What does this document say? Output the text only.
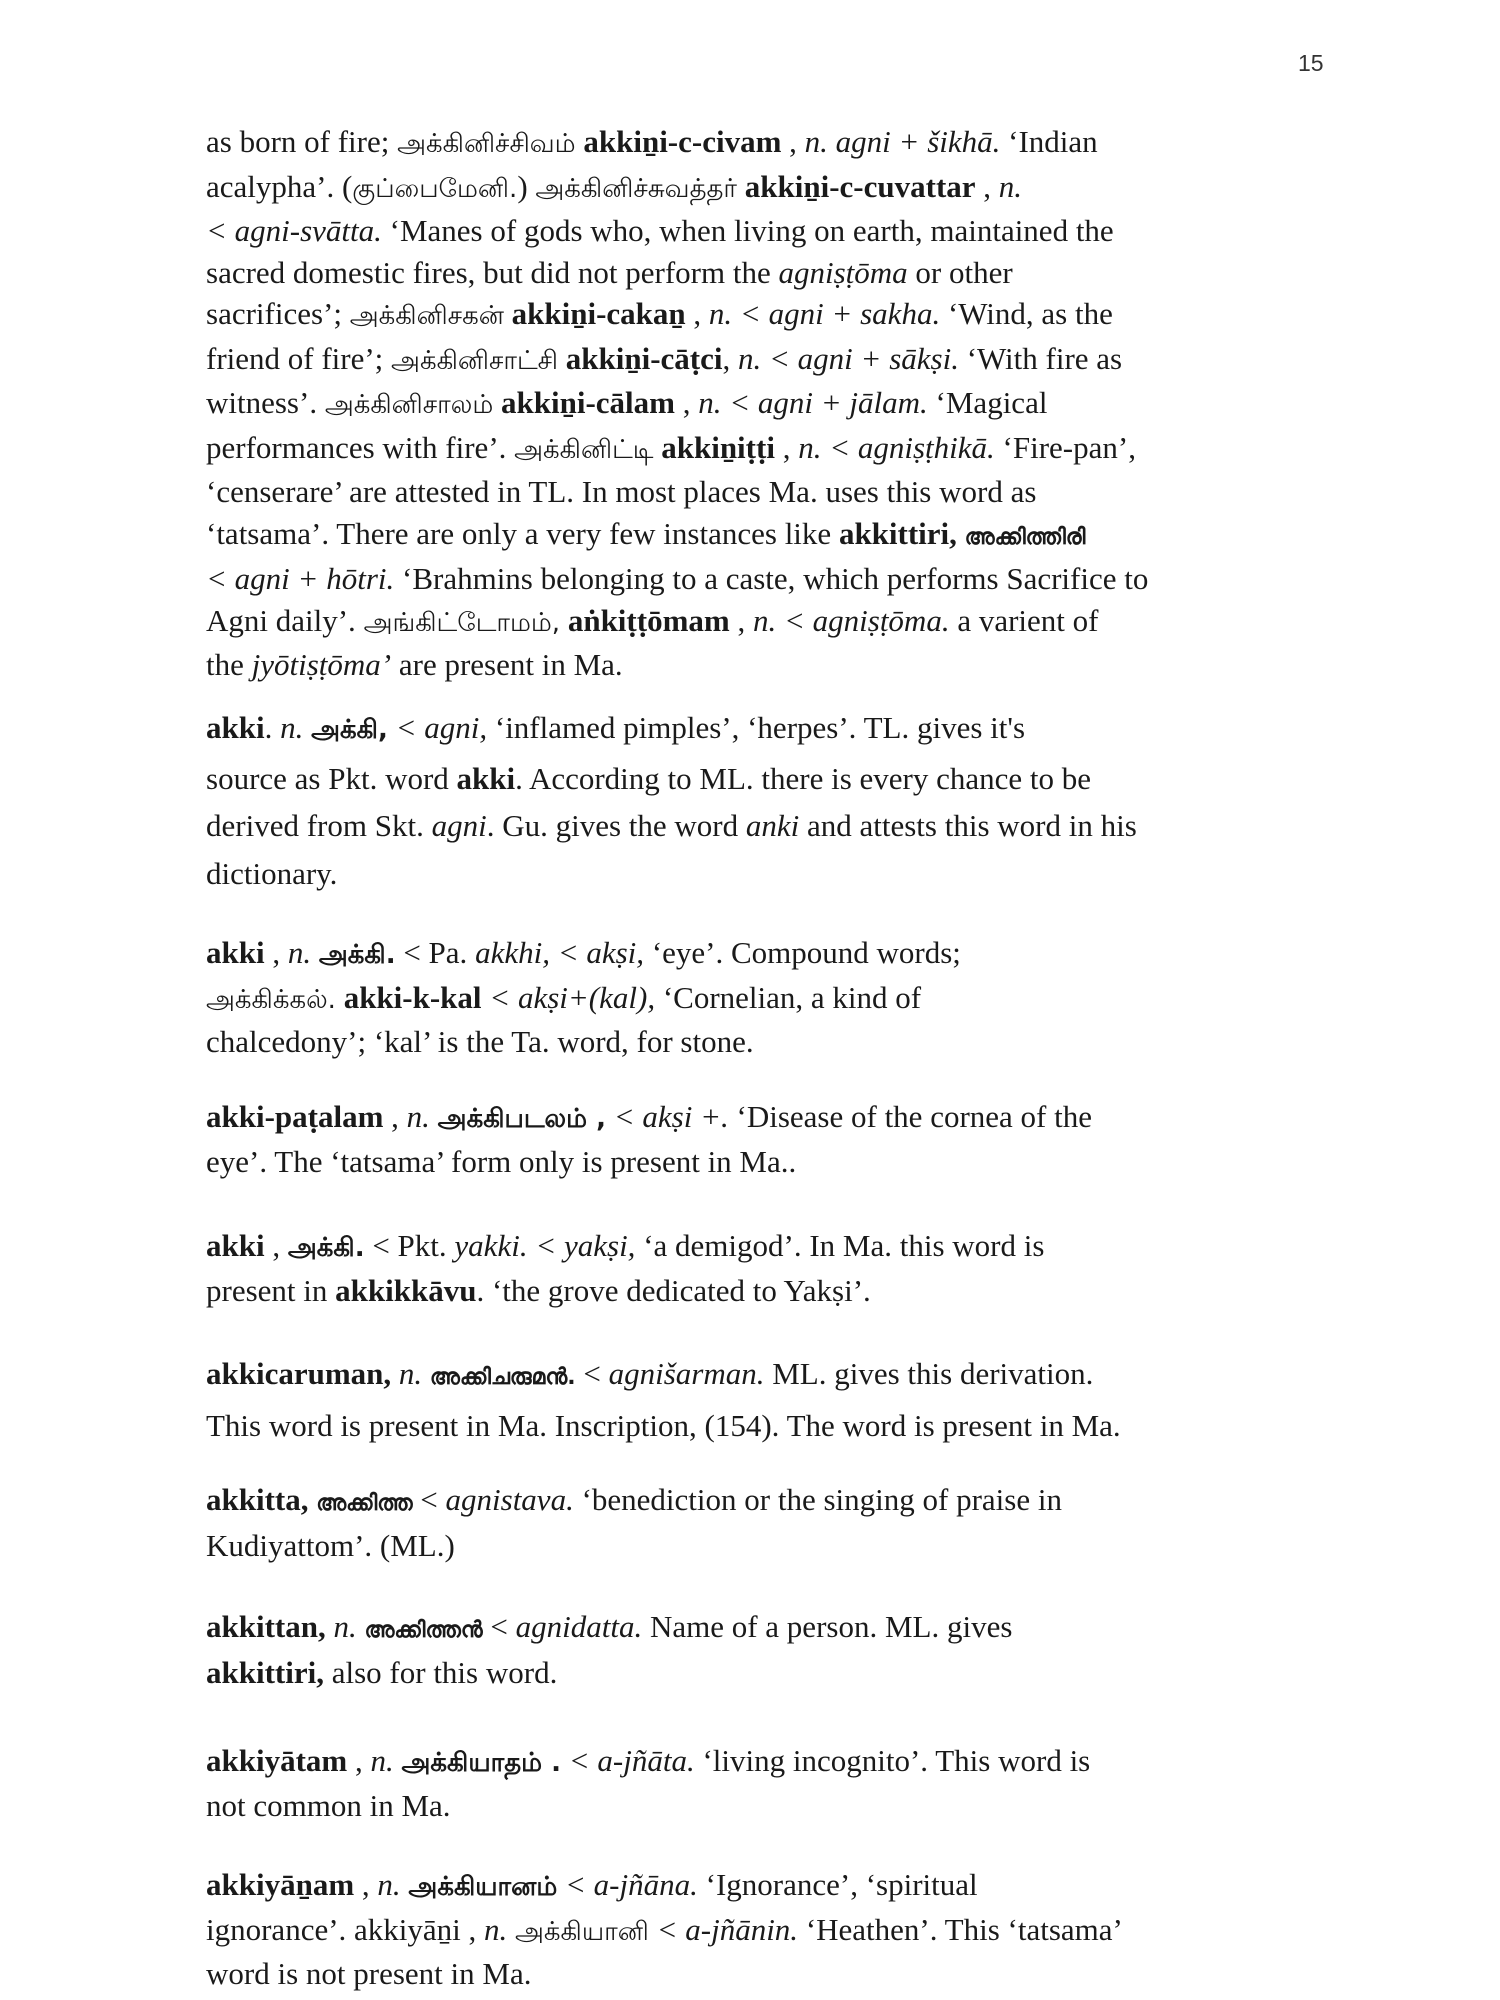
15
as born of fire; அக்கினிச்சிவம் akkiṉi-c-civam , n. agni + šikhā. ‘Indian
acalypha’. (குப்பைமேனி.) அக்கினிச்சுவத்தர் akkiṉi-c-cuvattar , n.
< agni-svātta. ‘Manes of gods who, when living on earth, maintained the
sacred domestic fires, but did not perform the agniṣṭōma or other
sacrifices’; அக்கினிசகன் akkiṉi-cakaṉ , n. < agni + sakha. ‘Wind, as the
friend of fire’; அக்கினிசாட்சி akkiṉi-cāṭci, n. < agni + sākṣi. ‘With fire as
witness’. அக்கினிசாலம் akkiṉi-cālam , n. < agni + jālam. ‘Magical
performances with fire’. அக்கினிட்டி akkiṉiṭṭi , n. < agniṣṭhikā. ‘Fire-pan’,
‘censerare’ are attested in TL. In most places Ma. uses this word as
‘tatsama’. There are only a very few instances like akkittiri, അക്കിത്തിരി
< agni + hōtri. ‘Brahmins belonging to a caste, which performs Sacrifice to
Agni daily’. அங்கிட்டோமம், aṅkiṭṭōmam , n. < agniṣṭōma. a varient of
the jyōtiṣṭōma’ are present in Ma.
akki. n. அக்கி, < agni, ‘inflamed pimples’, ‘herpes’. TL. gives it's
source as Pkt. word akki. According to ML. there is every chance to be
derived from Skt. agni. Gu. gives the word anki and attests this word in his
dictionary.
akki , n. அக்கி. < Pa. akkhi, < akṣi, ‘eye’. Compound words;
அக்கிக்கல். akki-k-kal < akṣi+(kal), ‘Cornelian, a kind of
chalcedony’; ‘kal’ is the Ta. word, for stone.
akki-paṭalam , n. அக்கிபடலம் , < akṣi +. ‘Disease of the cornea of the
eye’. The ‘tatsama’ form only is present in Ma..
akki , அக்கி. < Pkt. yakki. < yakṣi, ‘a demigod’. In Ma. this word is
present in akkikkāvu. ‘the grove dedicated to Yakṣi’.
akkicaruman, n. അക്കിചരുമൻ. < agnišarman. ML. gives this derivation.
This word is present in Ma. Inscription, (154). The word is present in Ma.
akkitta, അക്കിത്ത < agnistava. ‘benediction or the singing of praise in
Kudiyattom’. (ML.)
akkittan, n. അക്കിത്തൻ < agnidatta. Name of a person. ML. gives
akkittiri, also for this word.
akkiyātam , n. அக்கியாதம் . < a-jñāta. ‘living incognito’. This word is
not common in Ma.
akkiyāṉam , n. அக்கியானம் < a-jñāna. ‘Ignorance’, ‘spiritual
ignorance’. akkiyāṉi , n. அக்கியானி < a-jñānin. ‘Heathen’. This ‘tatsama’
word is not present in Ma.
